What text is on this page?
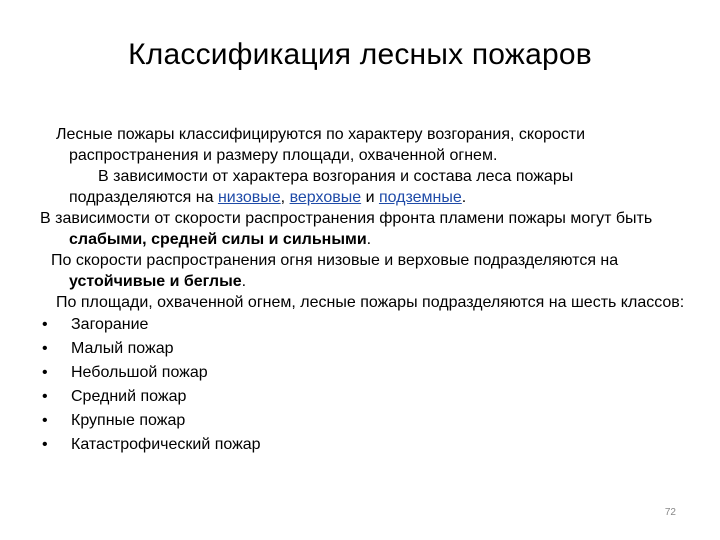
Классификация лесных пожаров

Лесные пожары классифицируются по характеру возгорания, скорости распространения и размеру площади, охваченной огнем.

В зависимости от характера возгорания и состава леса пожары подразделяются на низовые, верховые и подземные.

В зависимости от скорости распространения фронта пламени пожары могут быть слабыми, средней силы и сильными.

По скорости распространения огня низовые и верховые подразделяются на устойчивые и беглые.

По площади, охваченной огнем, лесные пожары подразделяются на шесть классов:

• Загорание
• Малый пожар
• Небольшой пожар
• Средний пожар
• Крупные пожар
• Катастрофический пожар
72
